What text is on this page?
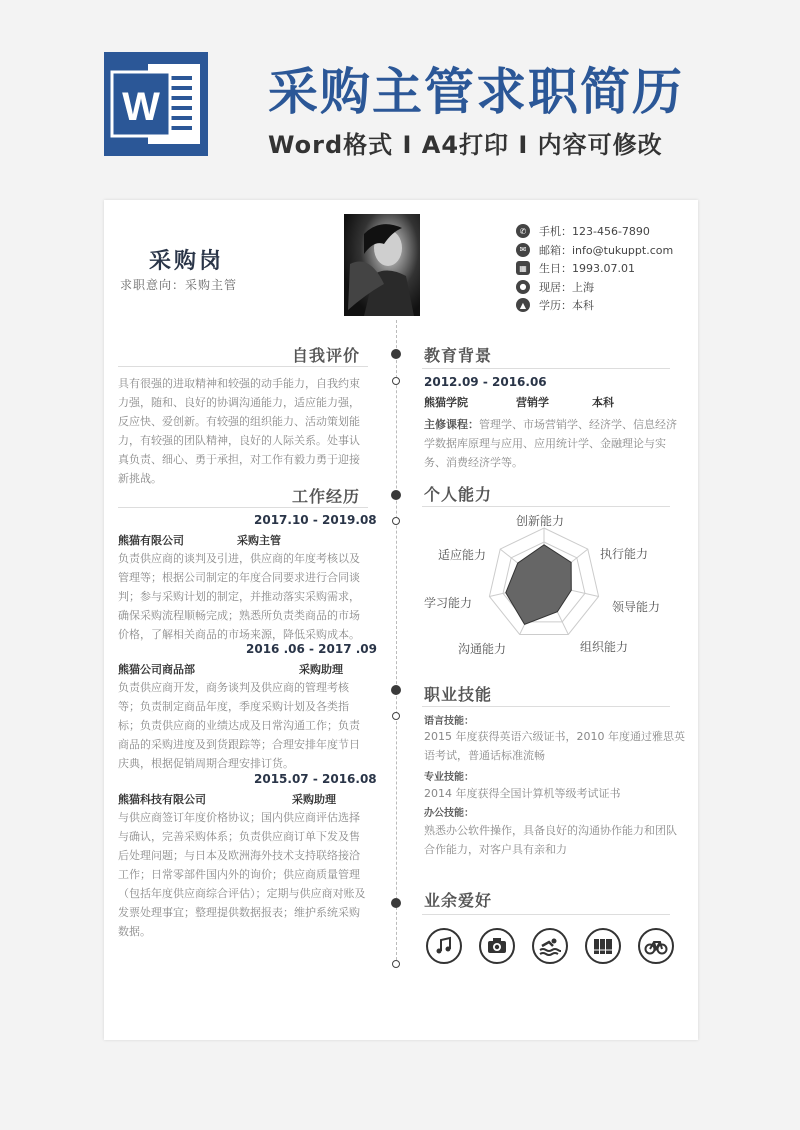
W 采购主管求职简历
Word格式 I A4打印 I 内容可修改
采购岗
求职意向：采购主管
✆	手机：123-456-7890
✉	邮箱：info@tukuppt.com
▦ 生日：1993.07.01
●	现居：上海
▲	学历：本科
自我评价
具有很强的进取精神和较强的动手能力，自我约束力强，随和、良好的协调沟通能力，适应能力强，反应快、爱创新。有较强的组织能力、活动策划能力，有较强的团队精神，良好的人际关系。处事认真负责、细心、勇于承担，对工作有毅力勇于迎接新挑战。
工作经历
2017.10 - 2019.08
熊猫有限公司	采购主管
负责供应商的谈判及引进，供应商的年度考核以及管理等；根据公司制定的年度合同要求进行合同谈判；参与采购计划的制定，并推动落实采购需求，确保采购流程顺畅完成；熟悉所负责类商品的市场价格，了解相关商品的市场来源，降低采购成本。
2016 .06 - 2017 .09
熊猫公司商品部	采购助理
负责供应商开发，商务谈判及供应商的管理考核等；负责制定商品年度，季度采购计划及各类指标；负责供应商的业绩达成及日常沟通工作；负责商品的采购进度及到货跟踪等；合理安排年度节日庆典，根据促销周期合理安排订货。
2015.07 - 2016.08
熊猫科技有限公司	采购助理
与供应商签订年度价格协议；国内供应商评估选择与确认，完善采购体系；负责供应商订单下发及售后处理问题；与日本及欧洲海外技术支持联络接洽工作；日常零部件国内外的询价；供应商质量管理（包括年度供应商综合评估）；定期与供应商对账及发票处理事宜；整理提供数据报表；维护系统采购数据。
教育背景
2012.09 - 2016.06
熊猫学院	营销学	本科
主修课程：管理学、市场营销学、经济学、信息经济学数据库原理与应用、应用统计学、金融理论与实务、消费经济学等。
个人能力
创新能力
执行能力
领导能力
组织能力
沟通能力
学习能力
适应能力
职业技能
语言技能：
2015 年度获得英语六级证书，2010 年度通过雅思英语考试，普通话标准流畅
专业技能：
2014 年度获得全国计算机等级考试证书
办公技能：
熟悉办公软件操作，具备良好的沟通协作能力和团队合作能力，对客户具有亲和力
业余爱好
